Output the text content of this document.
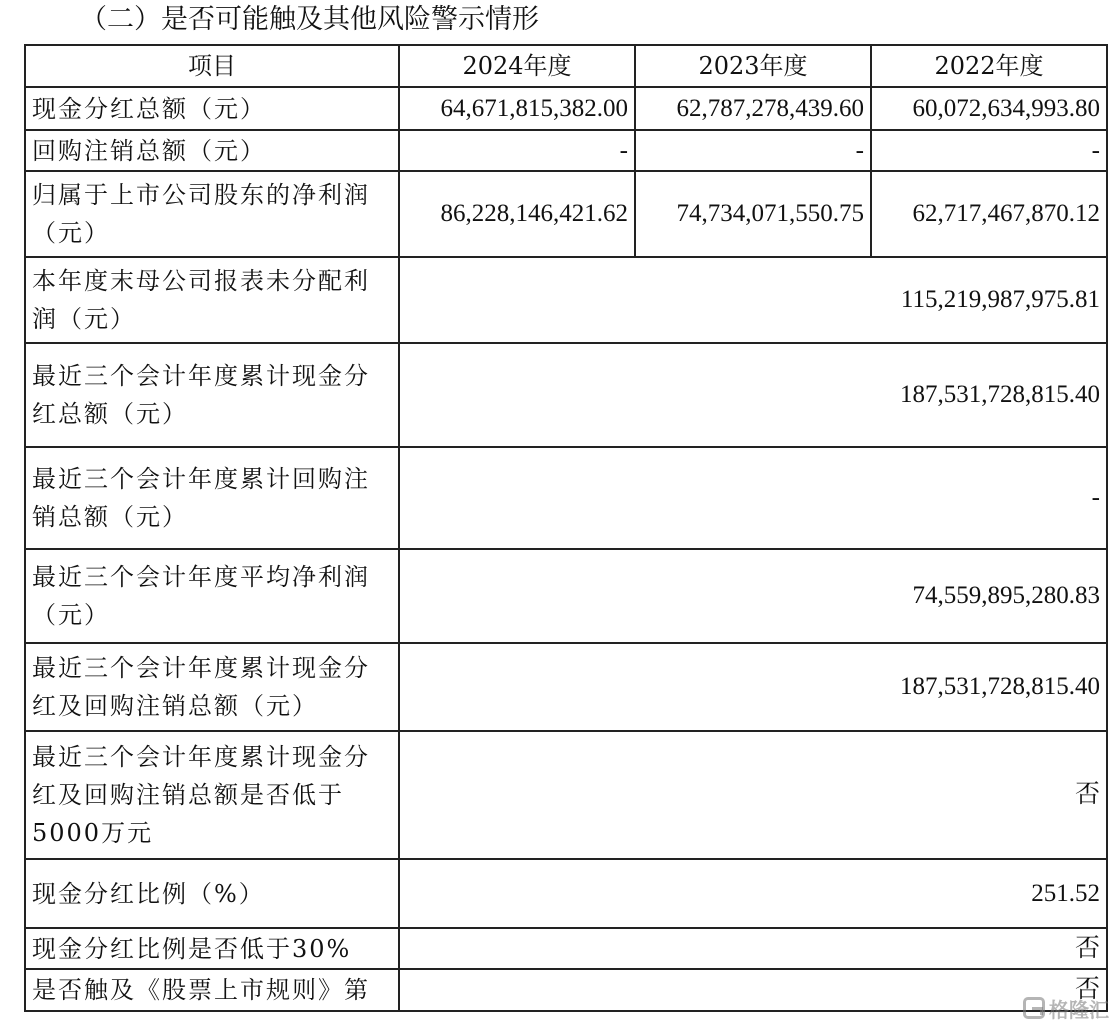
（二）是否可能触及其他风险警示情形
项目	2024年度	2023年度	2022年度
现金分红总额（元）	64,671,815,382.00	62,787,278,439.60	60,072,634,993.80
回购注销总额（元）	-	-	-
归属于上市公司股东的净利润（元）	86,228,146,421.62	74,734,071,550.75	62,717,467,870.12
本年度末母公司报表未分配利润（元）	115,219,987,975.81		
最近三个会计年度累计现金分红总额（元）	187,531,728,815.40		
最近三个会计年度累计回购注销总额（元）	-		
最近三个会计年度平均净利润（元）	74,559,895,280.83		
最近三个会计年度累计现金分红及回购注销总额（元）	187,531,728,815.40		
最近三个会计年度累计现金分红及回购注销总额是否低于5000万元	否		
现金分红比例（%）	251.52		
现金分红比例是否低于30%	否		
是否触及《股票上市规则》第	否		
格隆汇
